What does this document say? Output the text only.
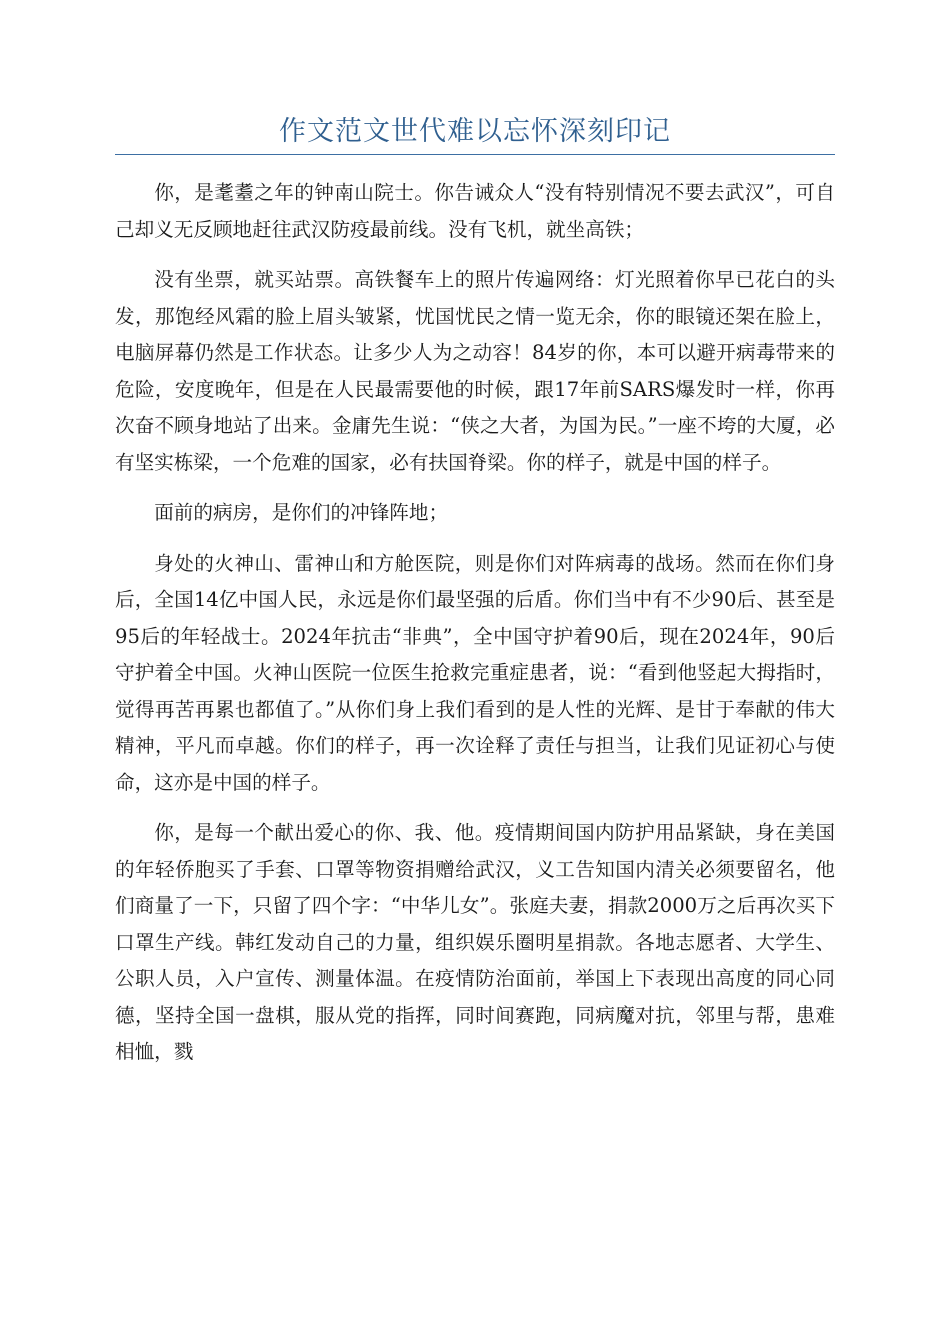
作文范文世代难以忘怀深刻印记

你，是耄耋之年的钟南山院士。你告诫众人“没有特别情况不要去武汉”，可自己却义无反顾地赶往武汉防疫最前线。没有飞机，就坐高铁；

没有坐票，就买站票。高铁餐车上的照片传遍网络：灯光照着你早已花白的头发，那饱经风霜的脸上眉头皱紧，忧国忧民之情一览无余，你的眼镜还架在脸上，电脑屏幕仍然是工作状态。让多少人为之动容！84岁的你，本可以避开病毒带来的危险，安度晚年，但是在人民最需要他的时候，跟17年前SARS爆发时一样，你再次奋不顾身地站了出来。金庸先生说：“侠之大者，为国为民。”一座不垮的大厦，必有坚实栋梁，一个危难的国家，必有扶国脊梁。你的样子，就是中国的样子。

面前的病房，是你们的冲锋阵地；

身处的火神山、雷神山和方舱医院，则是你们对阵病毒的战场。然而在你们身后，全国14亿中国人民，永远是你们最坚强的后盾。你们当中有不少90后、甚至是95后的年轻战士。2024年抗击“非典”，全中国守护着90后，现在2024年，90后守护着全中国。火神山医院一位医生抢救完重症患者，说：“看到他竖起大拇指时，觉得再苦再累也都值了。”从你们身上我们看到的是人性的光辉、是甘于奉献的伟大精神，平凡而卓越。你们的样子，再一次诠释了责任与担当，让我们见证初心与使命，这亦是中国的样子。

你，是每一个献出爱心的你、我、他。疫情期间国内防护用品紧缺，身在美国的年轻侨胞买了手套、口罩等物资捐赠给武汉，义工告知国内清关必须要留名，他们商量了一下，只留了四个字：“中华儿女”。张庭夫妻，捐款2000万之后再次买下口罩生产线。韩红发动自己的力量，组织娱乐圈明星捐款。各地志愿者、大学生、公职人员，入户宣传、测量体温。在疫情防治面前，举国上下表现出高度的同心同德，坚持全国一盘棋，服从党的指挥，同时间赛跑，同病魔对抗，邻里与帮，患难相恤，戮
